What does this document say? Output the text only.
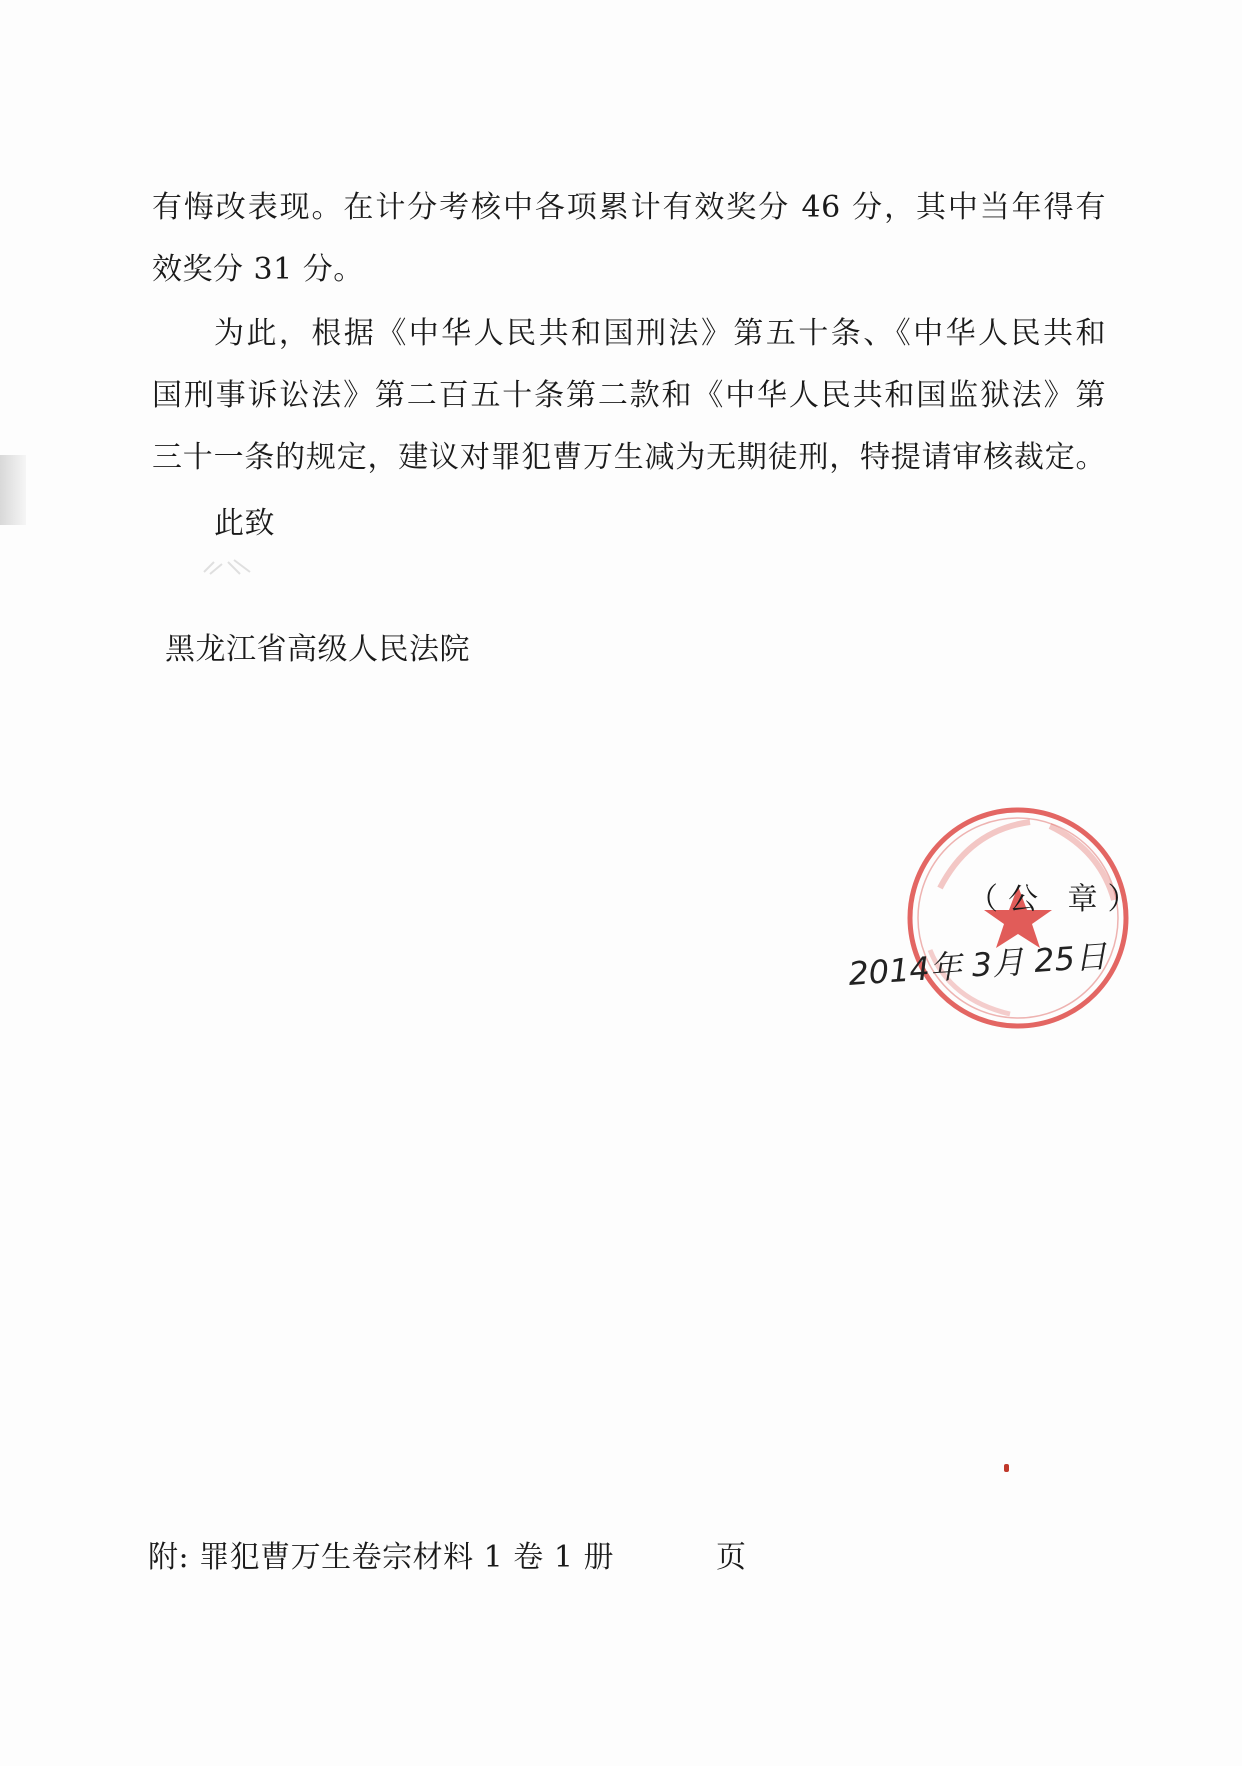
有悔改表现。在计分考核中各项累计有效奖分 46 分，其中当年得有
效奖分 31 分。
为此，根据《中华人民共和国刑法》第五十条、《中华人民共和
国刑事诉讼法》第二百五十条第二款和《中华人民共和国监狱法》第
三十一条的规定，建议对罪犯曹万生减为无期徒刑，特提请审核裁定。
此致
黑龙江省高级人民法院
（公 章）
2014年 3月 25日
附: 罪犯曹万生卷宗材料 1 卷 1 册	页
